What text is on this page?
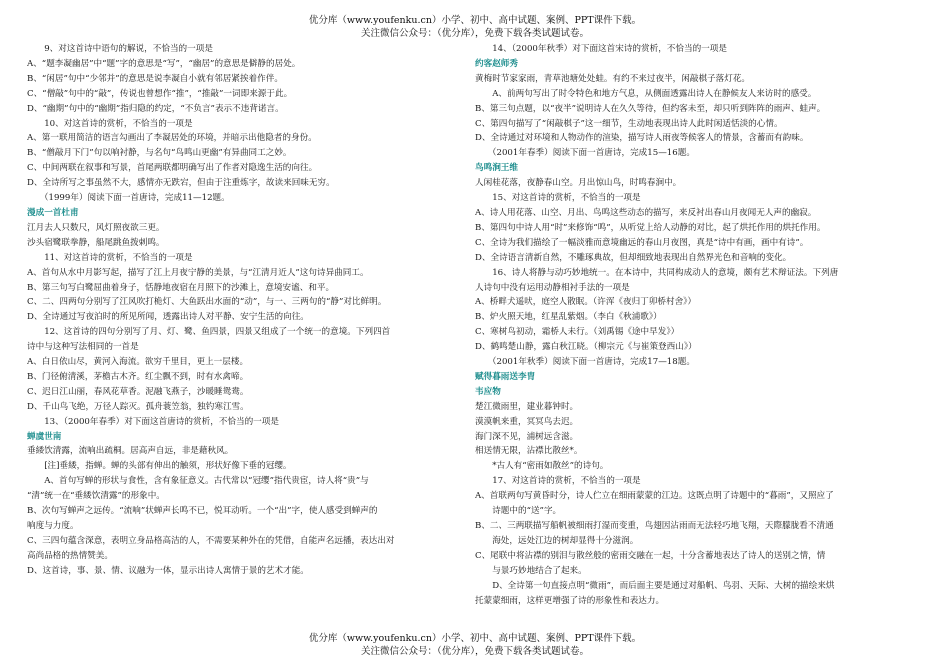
优分库（www.youfenku.cn）小学、初中、高中试题、案例、PPT课件下载。
关注微信公众号：（优分库），免费下载各类试题试卷。

　　9、对这首诗中语句的解说，不恰当的一项是

A、“题李凝幽居”中“题”字的意思是“写”，“幽居”的意思是僻静的居处。

B、“闲居”句中“少邻并”的意思是说李凝自小就有邻居紧挨着作伴。

C、“僧敲”句中的“敲”，传说也曾想作“推”，“推敲”一词即来源于此。

D、“幽期”句中的“幽期”指归隐的约定，“不负言”表示不违背诺言。

　　10、对这首诗的赏析，不恰当的一项是

A、第一联用简洁的语言勾画出了李凝居处的环境，并暗示出他隐者的身份。

B、“僧敲月下门”句以响衬静，与名句“鸟鸣山更幽”有异曲同工之妙。

C、中间两联在叙事和写景，首尾两联都明确写出了作者对隐逸生活的向往。

D、全诗所写之事虽然不大，感情亦无跌宕，但由于注重炼字，故读来回味无穷。

　　（1999年）阅读下面一首唐诗，完成11—12题。

漫成一首杜甫

江月去人只数尺，风灯照夜欲三更。

沙头宿鹭联拳静，船尾跳鱼拨剌鸣。

　　11、对这首诗的赏析，不恰当的一项是

A、首句从水中月影写起，描写了江上月夜宁静的美景，与“江清月近人”这句诗异曲同工。

B、第三句写白鹭屈曲着身子，恬静地夜宿在月照下的沙滩上，意境安谧、和平。

C、二、四两句分别写了江风吹打桅灯、大鱼跃出水面的“动”，与一、三两句的“静”对比鲜明。

D、全诗通过写夜泊时的所见所闻，透露出诗人对平静、安宁生活的向往。

　　12、这首诗的四句分别写了月、灯、鹭、鱼四景，四景又组成了一个统一的意境。下列四首

诗中与这种写法相同的一首是

A、白日依山尽，黄河入海流。欲穷千里目，更上一层楼。

B、门径俯清溪，茅檐古木齐。红尘飘不到，时有水禽啼。

C、迟日江山丽，春风花草香。泥融飞燕子，沙暖睡鸳鸯。

D、千山鸟飞绝，万径人踪灭。孤舟蓑笠翁，独钓寒江雪。

　　13、（2000年春季）对下面这首唐诗的赏析，不恰当的一项是

蝉虞世南

垂緌饮清露，流响出疏桐。居高声自远，非是藉秋风。

　　[注]垂緌，指蝉。蝉的头部有伸出的触须，形状好像下垂的冠缨。

　　A、首句写蝉的形状与食性，含有象征意义。古代常以“冠缨”指代贵宦，诗人将“贵”与

“清”统一在“垂緌饮清露”的形象中。

B、次句写蝉声之远传。“流响”状蝉声长鸣不已，悦耳动听。一个“出”字，使人感受到蝉声的

响度与力度。

C、三四句蕴含深意，表明立身品格高洁的人，不需要某种外在的凭借，自能声名远播，表达出对

高尚品格的热情赞美。

D、这首诗，事、景、情、议融为一体，显示出诗人寓情于景的艺术才能。

　　14、（2000年秋季）对下面这首宋诗的赏析，不恰当的一项是

约客赵师秀

黄梅时节家家雨，青草池塘处处蛙。有约不来过夜半，闲敲棋子落灯花。

　　A、前两句写出了时令特色和地方气息，从侧面透露出诗人在静候友人来访时的感受。

B、第三句点题，以“夜半”说明诗人在久久等待，但约客未至，却只听到阵阵的雨声、蛙声。

C、第四句描写了“闲敲棋子”这一细节，生动地表现出诗人此时闲适恬淡的心情。

D、全诗通过对环境和人物动作的渲染，描写诗人雨夜等候客人的情景，含蓄而有韵味。

　　（2001年春季）阅读下面一首唐诗，完成15—16题。

鸟鸣涧王维

人闲桂花落，夜静春山空。月出惊山鸟，时鸣春涧中。

　　15、对这首诗的赏析，不恰当的一项是

A、诗人用花落、山空、月出、鸟鸣这些动态的描写，来反衬出春山月夜闻无人声的幽寂。

B、第四句中诗人用“时”来修饰“鸣”，从听觉上给人动静的对比，起了烘托作用的烘托作用。

C、全诗为我们描绘了一幅淡雅而意境幽远的春山月夜图，真是“诗中有画，画中有诗”。

D、全诗语言清新自然，不雕琢典故，但却细致地表现出自然界光色和音响的变化。

　　16、诗人将静与动巧妙地统一。在本诗中，共同构成动人的意境，颇有艺术辩证法。下列唐

人诗句中没有运用动静相衬手法的一项是

A、桥畔犬遥吠，庭空人散眠。（许浑《夜归丁卯桥村舍》）

B、炉火照天地，红星乱紫烟。（李白《秋浦歌》）

C、寒树鸟初动，霜桥人未行。（刘禹锡《途中早发》）

D、鹤鸣楚山静，露白秋江晓。（柳宗元《与崔策登西山》）

　　（2001年秋季）阅读下面一首唐诗，完成17—18题。

赋得暮雨送李胄

韦应物

楚江微雨里，建业暮钟时。

漠漠帆来重，冥冥鸟去迟。

海门深不见，浦树远含滋。

相送情无限，沾襟比散丝*。

　　*古人有“密雨如散丝”的诗句。

　　17、对这首诗的赏析，不恰当的一项是

A、首联两句写黄昏时分，诗人伫立在细雨蒙蒙的江边。这既点明了诗题中的“暮雨”，又照应了

　　诗题中的“送”字。

B、二、三两联描写船帆被细雨打湿而变重，鸟翅因沾雨而无法轻巧地飞翔，天際朦胧看不清通

　　海处，远处江边的树却显得十分滋润。

C、尾联中将沾襟的别泪与散丝般的密雨交融在一起，十分含蓄地表达了诗人的送别之情，情

　　与景巧妙地结合了起来。

　　D、全诗第一句直接点明“微雨”，而后面主要是通过对船帆、鸟羽、天际、大树的描绘来烘

托蒙蒙细雨，这样更增强了诗的形象性和表达力。

优分库（www.youfenku.cn）小学、初中、高中试题、案例、PPT课件下载。
关注微信公众号：（优分库），免费下载各类试题试卷。
